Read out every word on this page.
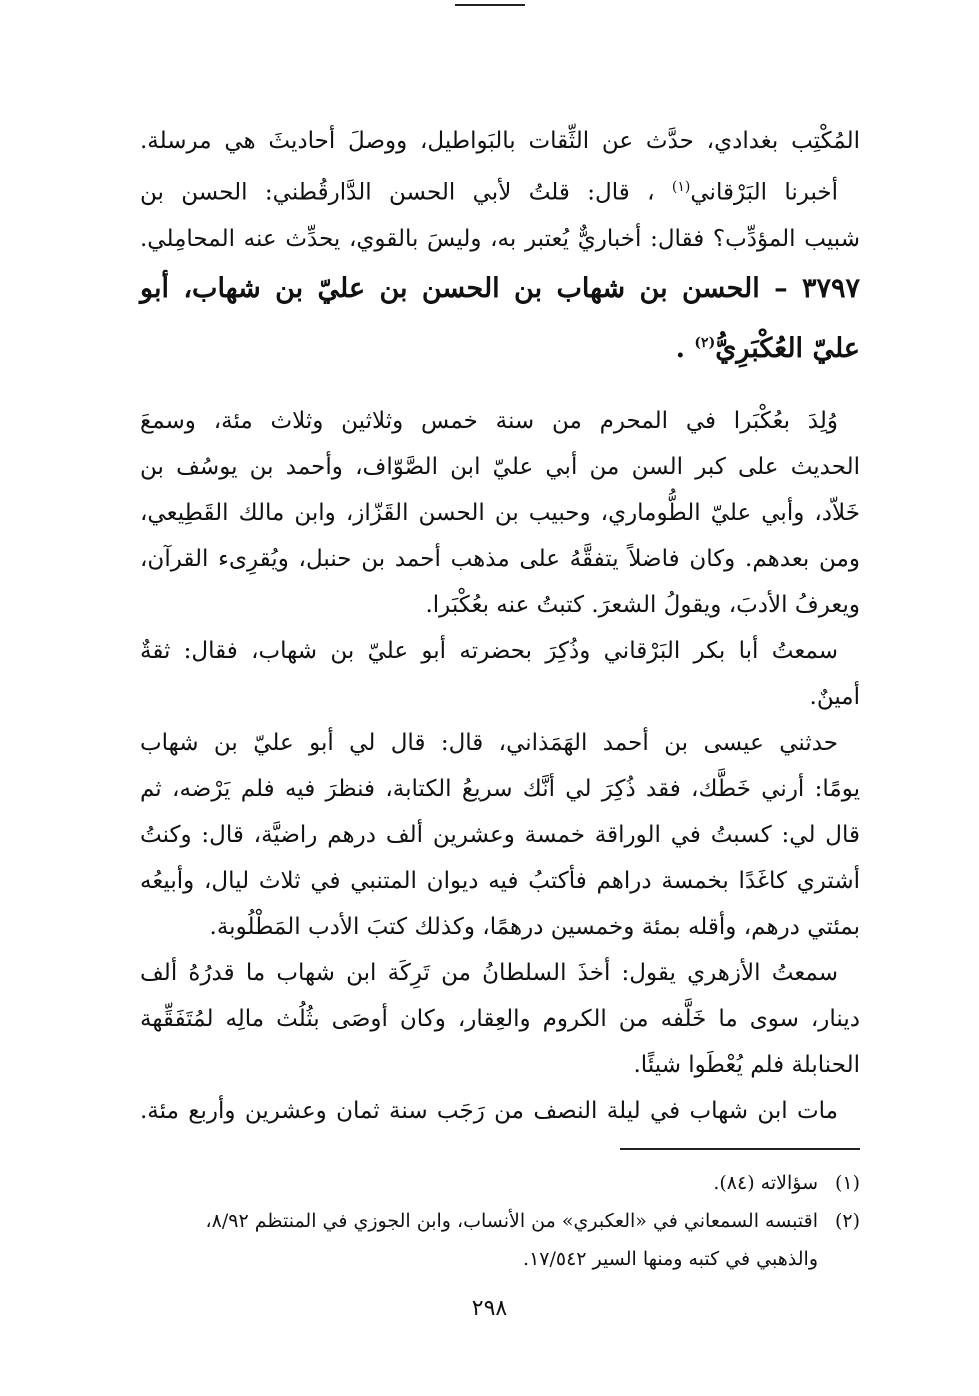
المُكْتِب بغدادي، حدَّث عن الثِّقات بالبَواطيل، ووصلَ أحاديثَ هي مرسلة.
أخبرنا البَرْقاني$^{(١)}$ ، قال: قلتُ لأبي الحسن الدَّارقُطني: الحسن بن
شبيب المؤدِّب؟ فقال: أخباريٌّ يُعتبر به، وليسَ بالقوي، يحدِّث عنه المحامِلي.
٣٧٩٧ – الحسن بن شهاب بن الحسن بن عليّ بن شهاب، أبو
عليّ العُكْبَرِيُّ$^{(٢)}$ .
وُلِدَ بعُكْبَرا في المحرم من سنة خمس وثلاثين وثلاث مئة، وسمعَ
الحديث على كبر السن من أبي عليّ ابن الصَّوّاف، وأحمد بن يوسُف بن
خَلاّد، وأبي عليّ الطُّوماري، وحبيب بن الحسن القَزّاز، وابن مالك القَطِيعي،
ومن بعدهم. وكان فاضلاً يتفقَّهُ على مذهب أحمد بن حنبل، ويُقرِىء القرآن،
ويعرفُ الأدبَ، ويقولُ الشعرَ. كتبتُ عنه بعُكْبَرا.
سمعتُ أبا بكر البَرْقاني وذُكِرَ بحضرته أبو عليّ بن شهاب، فقال: ثقةٌ
أمينٌ.
حدثني عيسى بن أحمد الهَمَذاني، قال: قال لي أبو عليّ بن شهاب
يومًا: أرني خَطَّك، فقد ذُكِرَ لي أنَّك سريعُ الكتابة، فنظرَ فيه فلم يَرْضه، ثم
قال لي: كسبتُ في الوراقة خمسة وعشرين ألف درهم راضيَّة، قال: وكنتُ
أشتري كاغَدًا بخمسة دراهم فأكتبُ فيه ديوان المتنبي في ثلاث ليال، وأبيعُه
بمئتي درهم، وأقله بمئة وخمسين درهمًا، وكذلك كتبَ الأدب المَطْلُوبة.
سمعتُ الأزهري يقول: أخذَ السلطانُ من تَرِكَة ابن شهاب ما قدرُهُ ألف
دينار، سوى ما خَلَّفه من الكروم والعِقار، وكان أوصَى بثُلُث مالِه لمُتَفَقِّهة
الحنابلة فلم يُعْطَوا شيئًا.
مات ابن شهاب في ليلة النصف من رَجَب سنة ثمان وعشرين وأربع مئة.
(١)سؤالاته (٨٤).
(٢)اقتبسه السمعاني في «العكبري» من الأنساب، وابن الجوزي في المنتظم ٨/٩٢،
والذهبي في كتبه ومنها السير ١٧/٥٤٢.
٢٩٨
